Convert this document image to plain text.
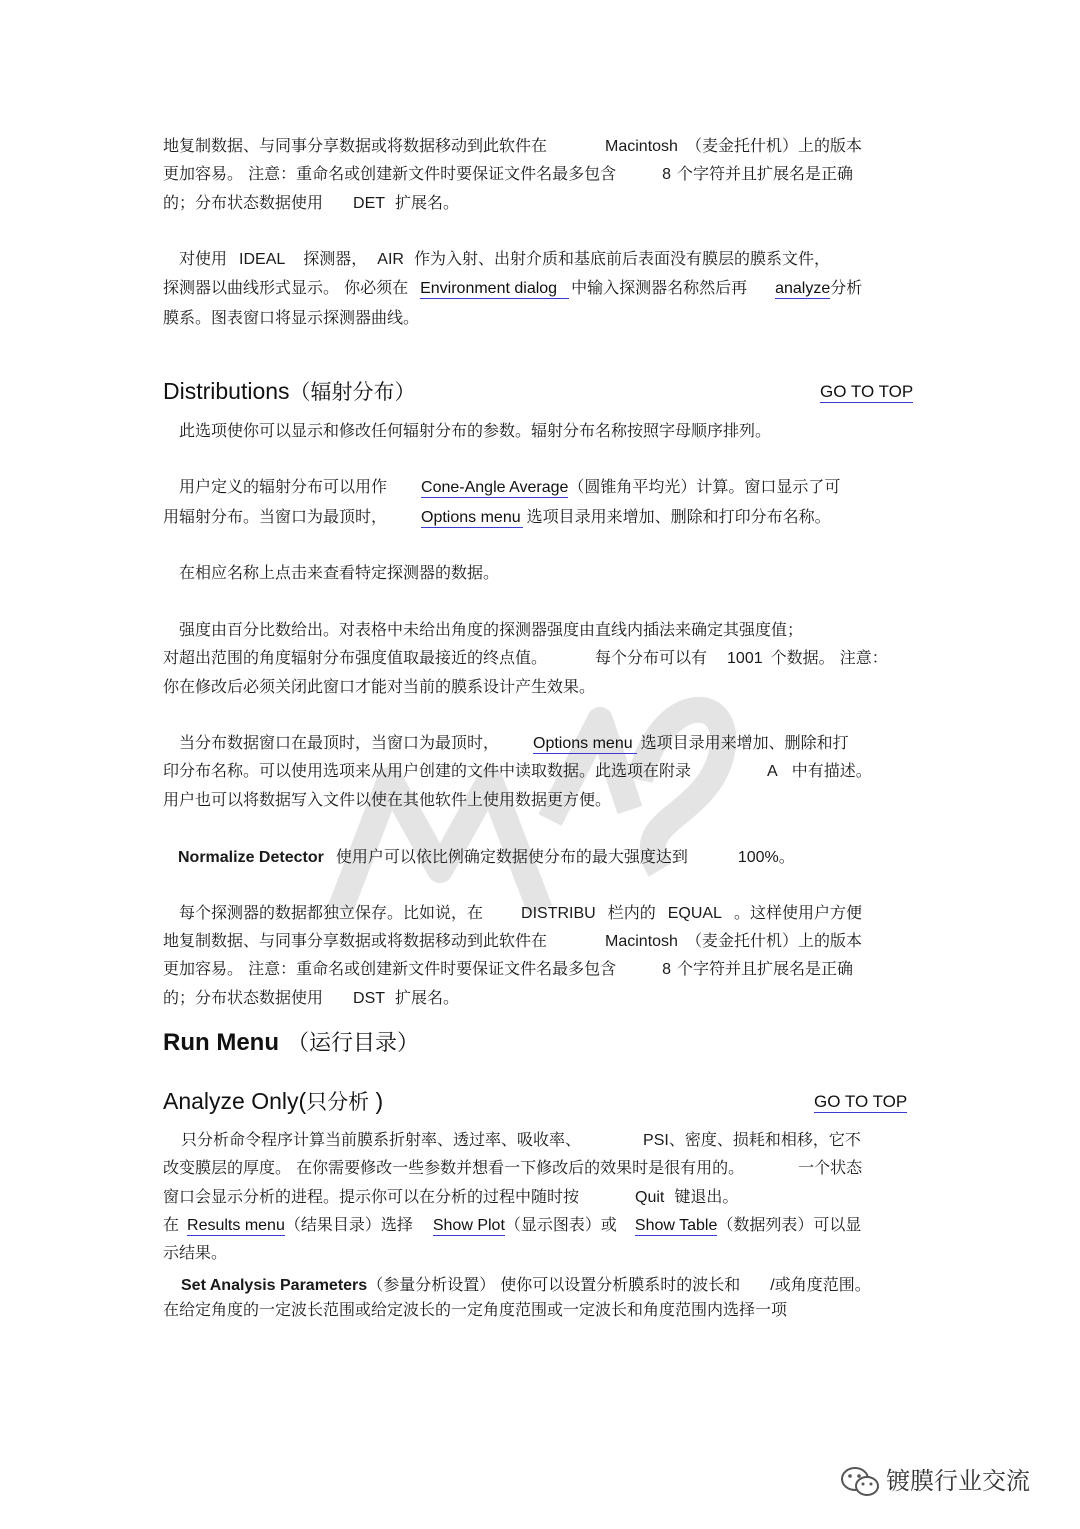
地复制数据、与同事分享数据或将数据移动到此软件在	Macintosh （麦金托什机）上的版本
更加容易。 注意：重命名或创建新文件时要保证文件名最多包含	8 个字符并且扩展名是正确
的；分布状态数据使用 DET 扩展名。
对使用 IDEAL 探测器， AIR 作为入射、出射介质和基底前后表面没有膜层的膜系文件，
探测器以曲线形式显示。 你必须在 Environment dialog 中输入探测器名称然后再 analyze分析
膜系。图表窗口将显示探测器曲线。
Distributions（辐射分布）	GO TO TOP
此选项使你可以显示和修改任何辐射分布的参数。辐射分布名称按照字母顺序排列。
用户定义的辐射分布可以用作 Cone-Angle Average（圆锥角平均光）计算。窗口显示了可
用辐射分布。当窗口为最顶时， Options menu 选项目录用来增加、删除和打印分布名称。
在相应名称上点击来查看特定探测器的数据。
强度由百分比数给出。对表格中未给出角度的探测器强度由直线内插法来确定其强度值；
对超出范围的角度辐射分布强度值取最接近的终点值。	每个分布可以有 1001 个数据。 注意：
你在修改后必须关闭此窗口才能对当前的膜系设计产生效果。
当分布数据窗口在最顶时，当窗口为最顶时， Options menu 选项目录用来增加、删除和打
印分布名称。可以使用选项来从用户创建的文件中读取数据。此选项在附录	A 中有描述。
用户也可以将数据写入文件以使在其他软件上使用数据更方便。
Normalize Detector 使用户可以依比例确定数据使分布的最大强度达到	100%。
每个探测器的数据都独立保存。比如说，在 DISTRIBU 栏内的 EQUAL 。这样使用户方便
地复制数据、与同事分享数据或将数据移动到此软件在	Macintosh （麦金托什机）上的版本
更加容易。 注意：重命名或创建新文件时要保证文件名最多包含	8 个字符并且扩展名是正确
的；分布状态数据使用 DST 扩展名。
Run Menu （运行目录）
Analyze Only(只分析 )	GO TO TOP
只分析命令程序计算当前膜系折射率、透过率、吸收率、	PSI、密度、损耗和相移，它不
改变膜层的厚度。 在你需要修改一些参数并想看一下修改后的效果时是很有用的。	一个状态
窗口会显示分析的进程。提示你可以在分析的过程中随时按	Quit 键退出。
在 Results menu（结果目录）选择 Show Plot（显示图表）或 Show Table（数据列表）可以显
示结果。
Set Analysis Parameters（参量分析设置） 使你可以设置分析膜系时的波长和 /或角度范围。
在给定角度的一定波长范围或给定波长的一定角度范围或一定波长和角度范围内选择一项
镀膜行业交流
